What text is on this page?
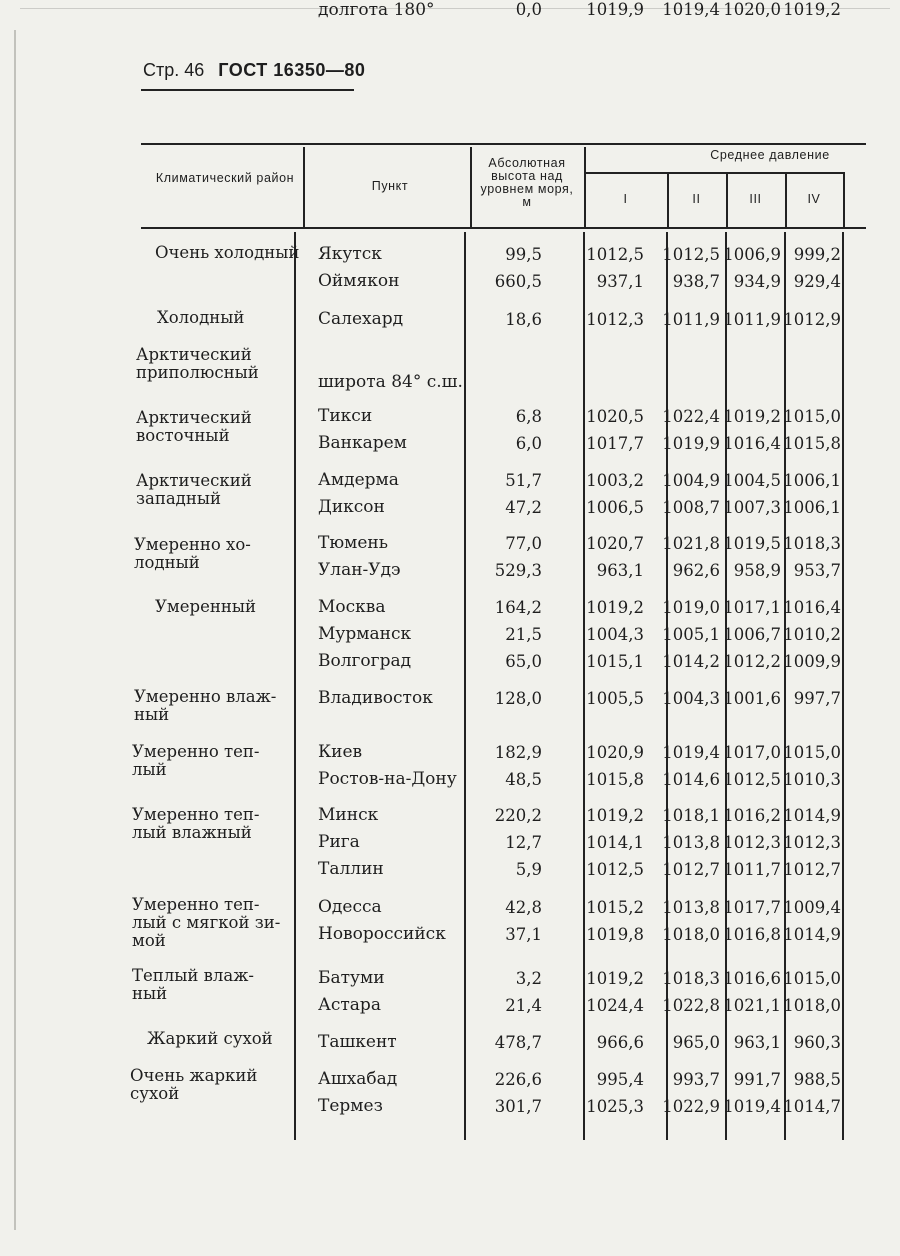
Стр. 46 ГОСТ 16350—80
Климатический район
Пункт
Абсолютная высота над уровнем моря, м
Среднее давление
I	II	III	IV
Очень холодный	Якутск	99,5	1012,5 1012,5 1006,9 999,2
Оймякон	660,5	937,1	938,7 934,9 929,4
Холодный	Салехард	18,6	1012,3 1011,9 1011,9 1012,9
Арктический
приполюсный	широта 84° с.ш.
долгота 180°	0,0	1019,9 1019,4 1020,0 1019,2
Арктический
восточный
Тикси	6,8	1020,5 1022,4 1019,2 1015,0
Ванкарем	6,0	1017,7 1019,9 1016,4 1015,8
Арктический
западный
Амдерма	51,7	1003,2 1004,9 1004,5 1006,1
Диксон	47,2	1006,5 1008,7 1007,3 1006,1
Умеренно хо-
лодный
Тюмень	77,0	1020,7 1021,8 1019,5 1018,3
Улан-Удэ	529,3	963,1	962,6 958,9 953,7
Умеренный	Москва	164,2	1019,2 1019,0 1017,1 1016,4
Мурманск	21,5	1004,3 1005,1 1006,7 1010,2
Волгоград	65,0	1015,1 1014,2 1012,2 1009,9
Умеренно влаж-
ный
Владивосток	128,0	1005,5 1004,3 1001,6 997,7
Умеренно теп-
лый
Киев	182,9	1020,9 1019,4 1017,0 1015,0
Ростов-на-Дону	48,5	1015,8 1014,6 1012,5 1010,3
Умеренно теп-
лый влажный
Минск	220,2	1019,2 1018,1 1016,2 1014,9
Рига	12,7	1014,1 1013,8 1012,3 1012,3
Таллин	5,9	1012,5 1012,7 1011,7 1012,7
Умеренно теп-
лый с мягкой зи-
мой
Одесса	42,8	1015,2 1013,8 1017,7 1009,4
Новороссийск	37,1	1019,8 1018,0 1016,8 1014,9
Теплый влаж-
ный
Батуми	3,2	1019,2 1018,3 1016,6 1015,0
Астара	21,4	1024,4 1022,8 1021,1 1018,0
Жаркий сухой	Ташкент	478,7	966,6	965,0 963,1 960,3
Очень жаркий
сухой
Ашхабад	226,6	995,4	993,7 991,7 988,5
Термез	301,7	1025,3 1022,9 1019,4 1014,7
